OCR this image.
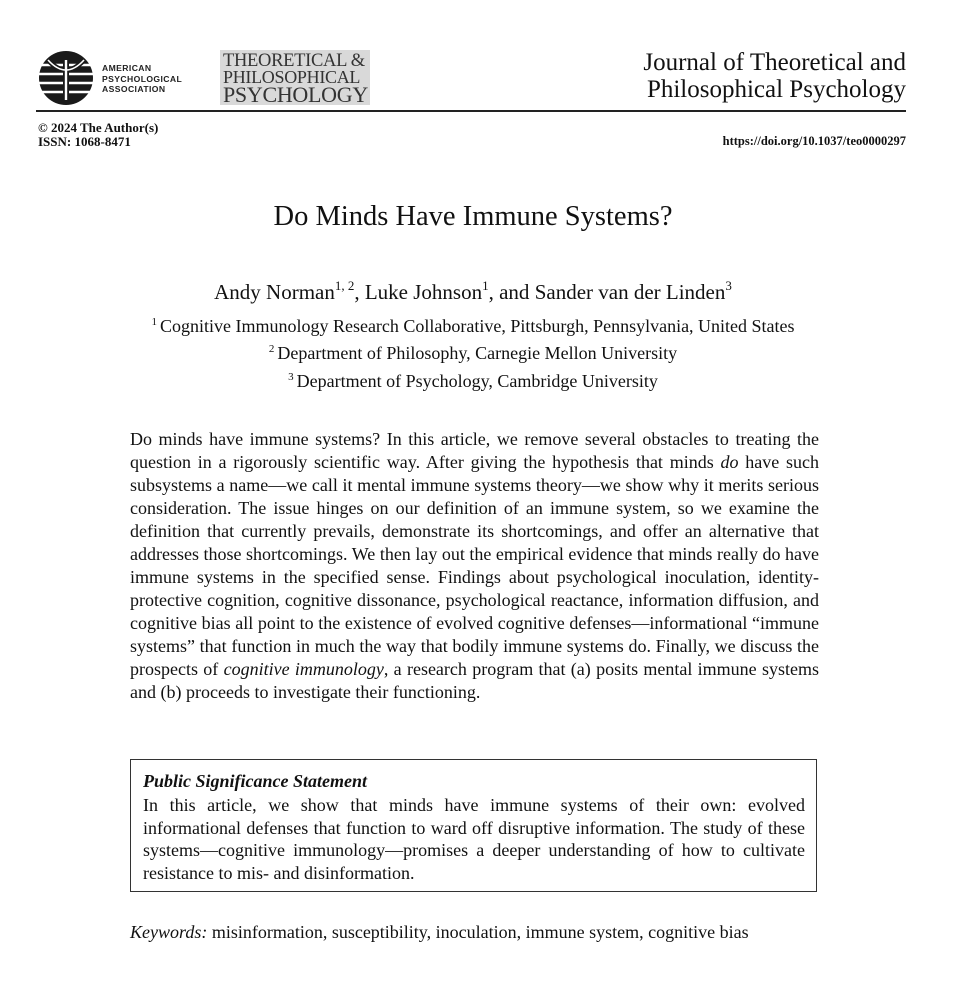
AMERICAN
PSYCHOLOGICAL
ASSOCIATION
THEORETICAL &
PHILOSOPHICAL
PSYCHOLOGY
Journal of Theoretical and
Philosophical Psychology
© 2024 The Author(s)
ISSN: 1068-8471	https://doi.org/10.1037/teo0000297
Do Minds Have Immune Systems?
Andy Norman$^{1, 2}$, Luke Johnson$^1$, and Sander van der Linden$^3$
$^1$ Cognitive Immunology Research Collaborative, Pittsburgh, Pennsylvania, United States
$^2$ Department of Philosophy, Carnegie Mellon University
$^3$ Department of Psychology, Cambridge University

Do minds have immune systems? In this article, we remove several obstacles to treating the question in a rigorously scientific way. After giving the hypothesis that minds do have such subsystems a name—we call it mental immune systems theory—we show why it merits serious consideration. The issue hinges on our definition of an immune system, so we examine the definition that currently prevails, demonstrate its shortcomings, and offer an alternative that addresses those shortcomings. We then lay out the empirical evidence that minds really do have immune systems in the specified sense. Findings about psychological inoculation, identity-protective cognition, cognitive dissonance, psychological reactance, information diffusion, and cognitive bias all point to the existence of evolved cognitive defenses—informational “immune systems” that function in much the way that bodily immune systems do. Finally, we discuss the prospects of cognitive immunology, a research program that (a) posits mental immune systems and (b) proceeds to investigate their functioning.

Public Significance Statement
In this article, we show that minds have immune systems of their own: evolved informational defenses that function to ward off disruptive information. The study of these systems—cognitive immunology—promises a deeper understanding of how to cultivate resistance to mis- and disinformation.
Keywords: misinformation, susceptibility, inoculation, immune system, cognitive bias
